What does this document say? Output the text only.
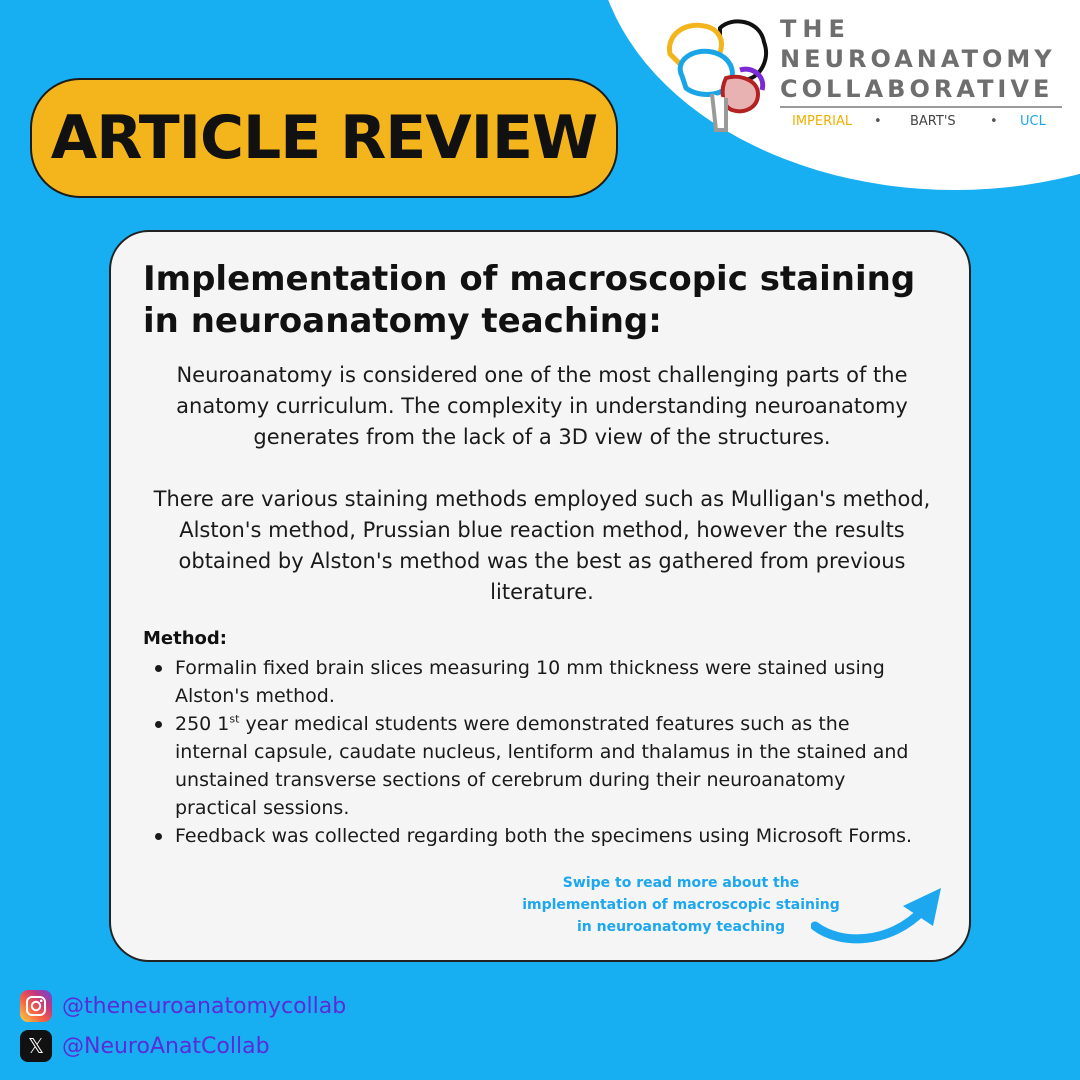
THE
NEUROANATOMY
COLLABORATIVE
IMPERIAL • BART'S	• UCL
ARTICLE REVIEW
Implementation of macroscopic staining in neuroanatomy teaching:

Neuroanatomy is considered one of the most challenging parts of the anatomy curriculum. The complexity in understanding neuroanatomy generates from the lack of a 3D view of the structures.

There are various staining methods employed such as Mulligan's method, Alston's method, Prussian blue reaction method, however the results obtained by Alston's method was the best as gathered from previous literature.

Method:

Formalin fixed brain slices measuring 10 mm thickness were stained using Alston's method.
250 1st year medical students were demonstrated features such as the internal capsule, caudate nucleus, lentiform and thalamus in the stained and unstained transverse sections of cerebrum during their neuroanatomy practical sessions.
Feedback was collected regarding both the specimens using Microsoft Forms.

Swipe to read more about the
implementation of macroscopic staining
in neuroanatomy teaching

@theneuroanatomycollab
𝕏 @NeuroAnatCollab
